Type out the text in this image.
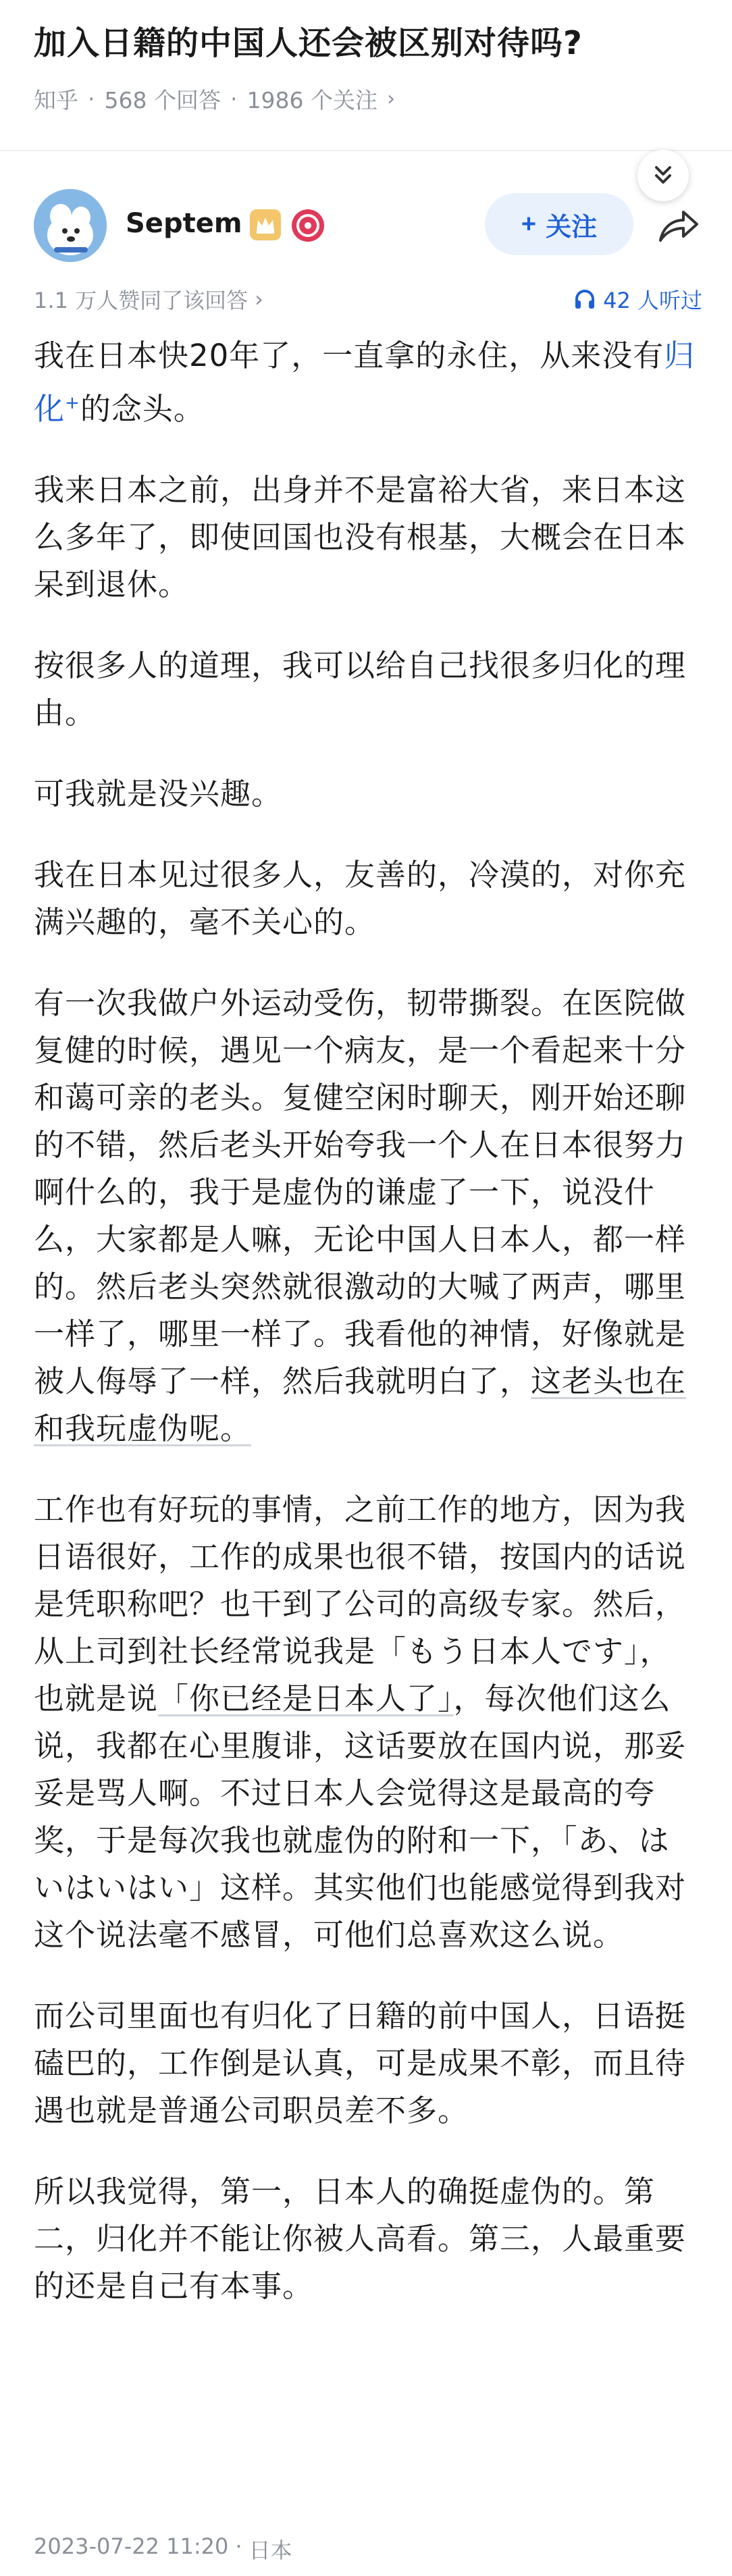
加入日籍的中国人还会被区别对待吗?
知乎 · 568 个回答 · 1986 个关注 ›
Septem	+ 关注
1.1 万人赞同了该回答 ›	42 人听过

我在日本快20年了，一直拿的永住，从来没有归化+的念头。

我来日本之前，出身并不是富裕大省，来日本这么多年了，即使回国也没有根基，大概会在日本呆到退休。

按很多人的道理，我可以给自己找很多归化的理由。

可我就是没兴趣。

我在日本见过很多人，友善的，冷漠的，对你充满兴趣的，毫不关心的。

有一次我做户外运动受伤，韧带撕裂。在医院做复健的时候，遇见一个病友，是一个看起来十分和蔼可亲的老头。复健空闲时聊天，刚开始还聊的不错，然后老头开始夸我一个人在日本很努力啊什么的，我于是虚伪的谦虚了一下，说没什么，大家都是人嘛，无论中国人日本人，都一样的。然后老头突然就很激动的大喊了两声，哪里一样了，哪里一样了。我看他的神情，好像就是被人侮辱了一样，然后我就明白了，这老头也在和我玩虚伪呢。

工作也有好玩的事情，之前工作的地方，因为我日语很好，工作的成果也很不错，按国内的话说是凭职称吧？也干到了公司的高级专家。然后，从上司到社长经常说我是「もう日本人です」，也就是说「你已经是日本人了」，每次他们这么说，我都在心里腹诽，这话要放在国内说，那妥妥是骂人啊。不过日本人会觉得这是最高的夸奖，于是每次我也就虚伪的附和一下，「あ、はいはいはい」这样。其实他们也能感觉得到我对这个说法毫不感冒，可他们总喜欢这么说。

而公司里面也有归化了日籍的前中国人，日语挺磕巴的，工作倒是认真，可是成果不彰，而且待遇也就是普通公司职员差不多。

所以我觉得，第一，日本人的确挺虚伪的。第二，归化并不能让你被人高看。第三，人最重要的还是自己有本事。

2023-07-22 11:20 · 日本
